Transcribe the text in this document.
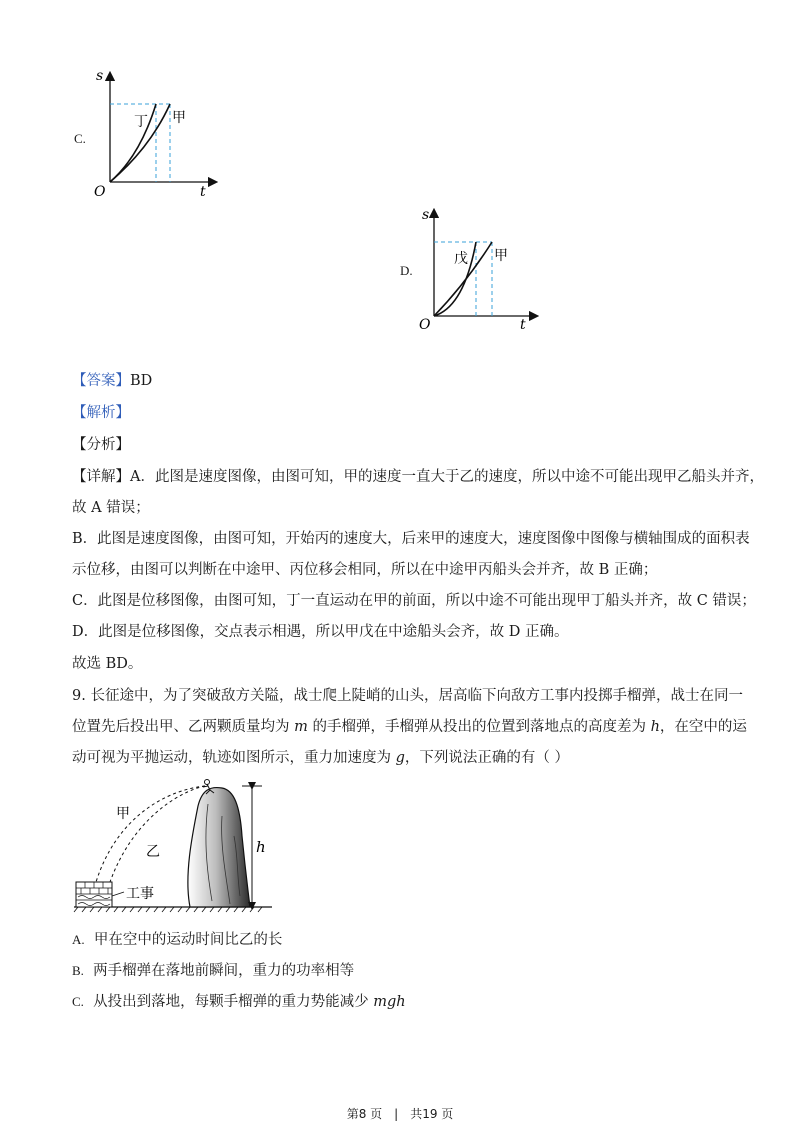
C.
s
t
O
丁 甲
D.
s
t
O
戊 甲
【答案】BD
【解析】
【分析】
【详解】A．此图是速度图像，由图可知，甲的速度一直大于乙的速度，所以中途不可能出现甲乙船头并齐，
故 A 错误；
B．此图是速度图像，由图可知，开始丙的速度大，后来甲的速度大，速度图像中图像与横轴围成的面积表
示位移，由图可以判断在中途甲、丙位移会相同，所以在中途甲丙船头会并齐，故 B 正确；
C．此图是位移图像，由图可知，丁一直运动在甲的前面，所以中途不可能出现甲丁船头并齐，故 C 错误；
D．此图是位移图像，交点表示相遇，所以甲戊在中途船头会齐，故 D 正确。
故选 BD。
9. 长征途中，为了突破敌方关隘，战士爬上陡峭的山头，居高临下向敌方工事内投掷手榴弹，战士在同一
位置先后投出甲、乙两颗质量均为 m 的手榴弹，手榴弹从投出的位置到落地点的高度差为 h，在空中的运
动可视为平抛运动，轨迹如图所示，重力加速度为 g，下列说法正确的有（ ）
甲
乙	h
工事
A. 甲在空中的运动时间比乙的长
B. 两手榴弹在落地前瞬间，重力的功率相等
C. 从投出到落地，每颗手榴弹的重力势能减少 mgh
第8 页 | 共19 页
